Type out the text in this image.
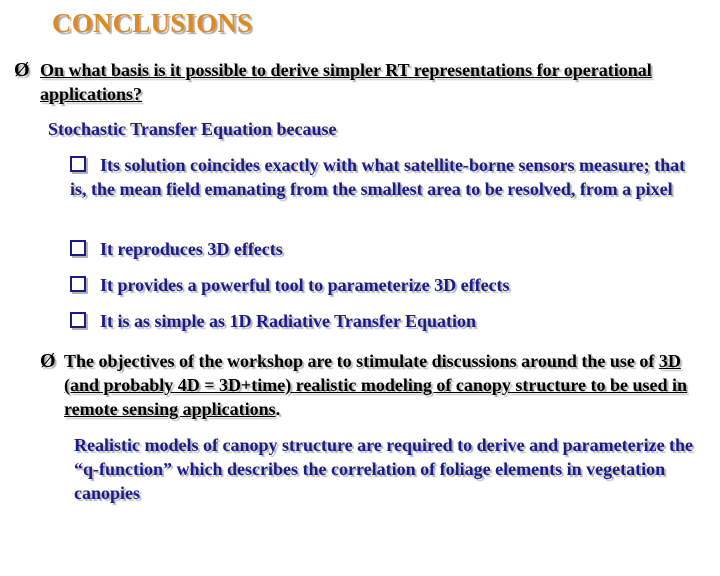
CONCLUSIONS
Ø On what basis is it possible to derive simpler RT representations for operational applications?
Stochastic Transfer Equation because
Its solution coincides exactly with what satellite-borne sensors measure; that is, the mean field emanating from the smallest area to be resolved, from a pixel
It reproduces 3D effects
It provides a powerful tool to parameterize 3D effects
It is as simple as 1D Radiative Transfer Equation
Ø The objectives of the workshop are to stimulate discussions around the use of 3D (and probably 4D = 3D+time) realistic modeling of canopy structure to be used in remote sensing applications.
Realistic models of canopy structure are required to derive and parameterize the “q-function” which describes the correlation of foliage elements in vegetation canopies
